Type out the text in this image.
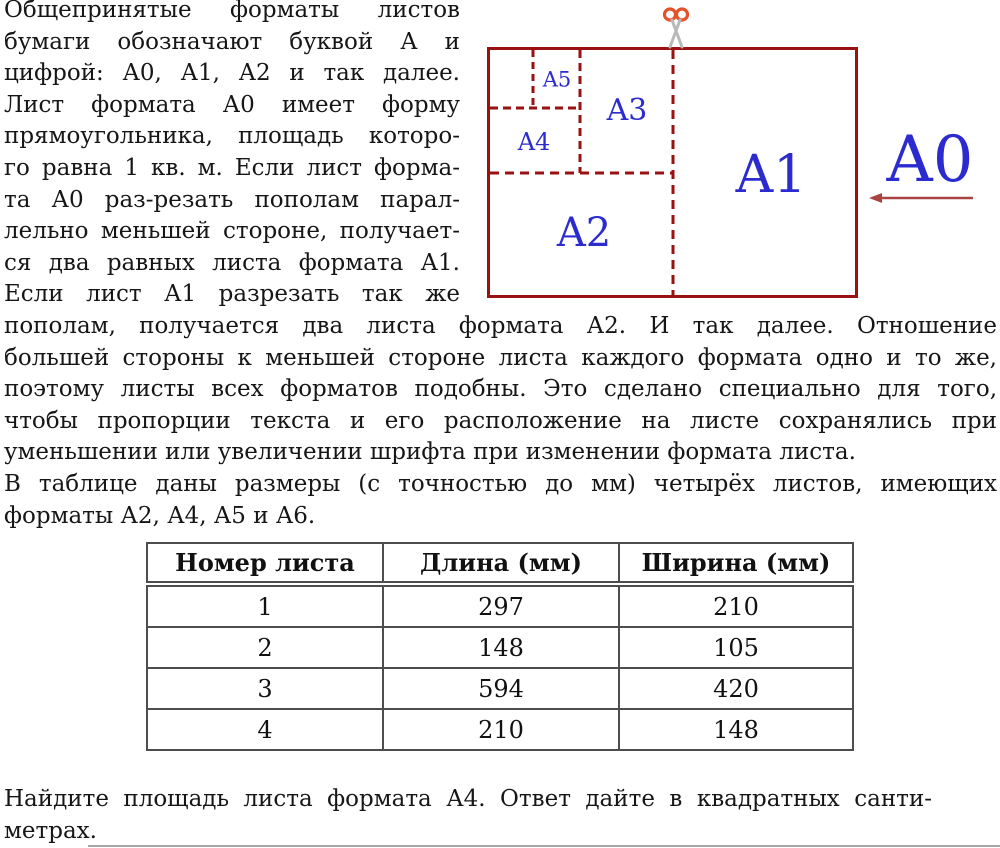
Общепринятые форматы листов
бумаги обозначают буквой А и
цифрой: А0, А1, А2 и так далее.
Лист формата А0 имеет форму
прямоугольника, площадь которо-
го равна 1 кв. м. Если лист форма-
та А0 раз-резать пополам парал-
лельно меньшей стороне, получает-
ся два равных листа формата А1.
Если лист А1 разрезать так же
A0
A1
A2
A3
A4
A5
пополам, получается два листа формата А2. И так далее. Отношение
большей стороны к меньшей стороне листа каждого формата одно и то же,
поэтому листы всех форматов подобны. Это сделано специально для того,
чтобы пропорции текста и его расположение на листе сохранялись при
уменьшении или увеличении шрифта при изменении формата листа.
В таблице даны размеры (с точностью до мм) четырёх листов, имеющих
форматы А2, А4, А5 и А6.
Номер листа	Длина (мм)	Ширина (мм)
1	297	210
2	148	105
3	594	420
4	210	148
Найдите площадь листа формата А4. Ответ дайте в квадратных санти-
метрах.
